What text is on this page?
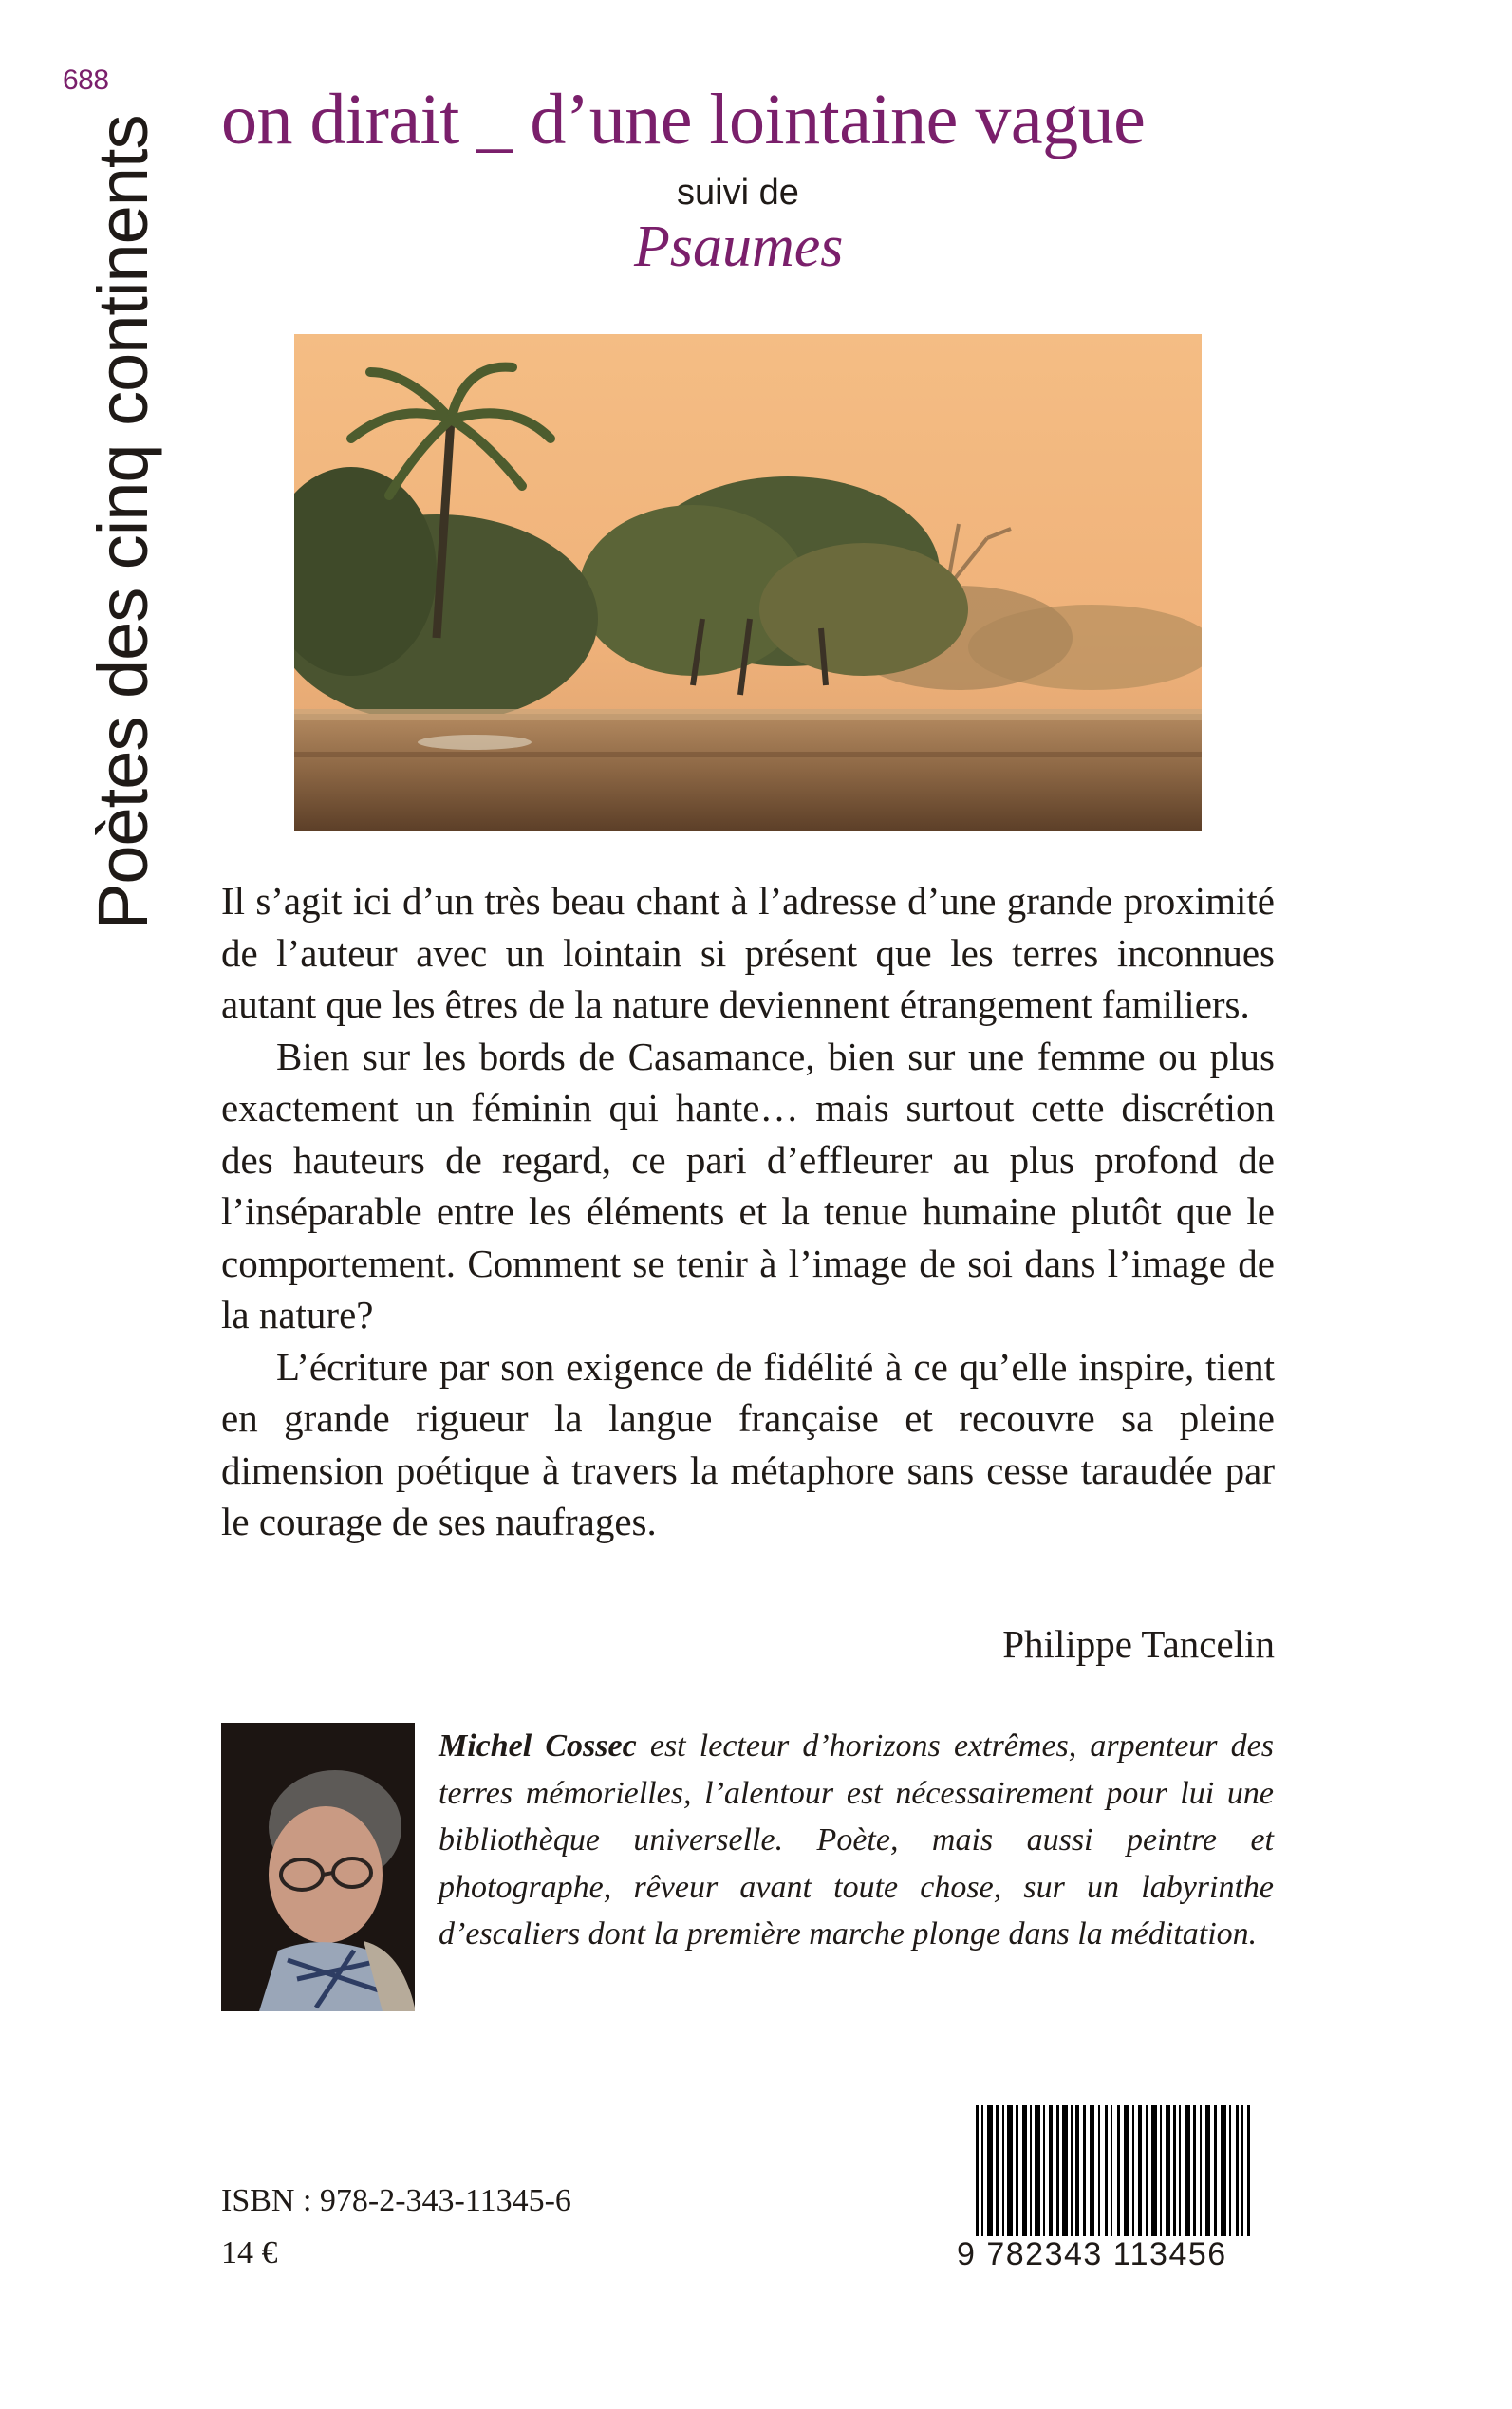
688
Poètes des cinq continents on dirait _ d’une lointaine vague
suivi de
Psaumes

Il s’agit ici d’un très beau chant à l’adresse d’une grande proximité de l’auteur avec un lointain si présent que les terres inconnues autant que les êtres de la nature deviennent étrangement familiers.

Bien sur les bords de Casamance, bien sur une femme ou plus exactement un féminin qui hante… mais surtout cette discrétion des hauteurs de regard, ce pari d’effleurer au plus profond de l’inséparable entre les éléments et la tenue humaine plutôt que le comportement. Comment se tenir à l’image de soi dans l’image de la nature?

L’écriture par son exigence de fidélité à ce qu’elle inspire, tient en grande rigueur la langue française et recouvre sa pleine dimension poétique à travers la métaphore sans cesse taraudée par le courage de ses naufrages.

Philippe Tancelin
Michel Cossec est lecteur d’horizons extrêmes, arpenteur des terres mémorielles, l’alentour est nécessairement pour lui une bibliothèque universelle. Poète, mais aussi peintre et photographe, rêveur avant toute chose, sur un labyrinthe d’escaliers dont la première marche plonge dans la méditation.
ISBN : 978-2-343-11345-6
14 €	9 782343 113456
